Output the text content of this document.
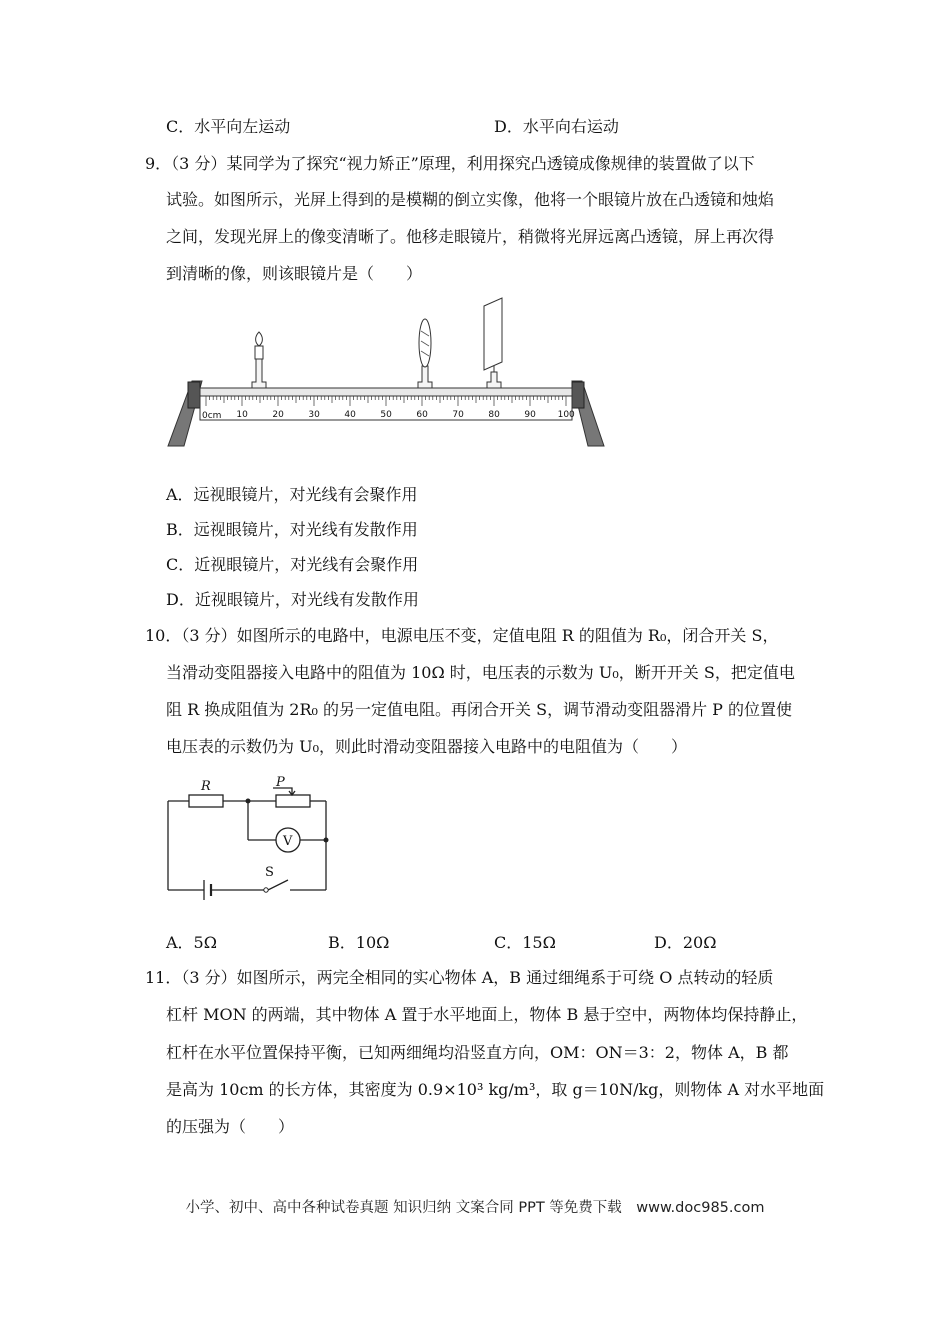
C．水平向左运动	D．水平向右运动
9．（3 分）某同学为了探究“视力矫正”原理，利用探究凸透镜成像规律的装置做了以下
试验。如图所示，光屏上得到的是模糊的倒立实像，他将一个眼镜片放在凸透镜和烛焰
之间，发现光屏上的像变清晰了。他移走眼镜片，稍微将光屏远离凸透镜，屏上再次得
到清晰的像，则该眼镜片是（　　）
10	20	30	40	50	60	70	80	90 100
0cm
A．远视眼镜片，对光线有会聚作用
B．远视眼镜片，对光线有发散作用
C．近视眼镜片，对光线有会聚作用
D．近视眼镜片，对光线有发散作用
10．（3 分）如图所示的电路中，电源电压不变，定值电阻 R 的阻值为 R₀，闭合开关 S，
当滑动变阻器接入电路中的阻值为 10Ω 时，电压表的示数为 U₀，断开开关 S，把定值电
阻 R 换成阻值为 2R₀ 的另一定值电阻。再闭合开关 S，调节滑动变阻器滑片 P 的位置使
电压表的示数仍为 U₀，则此时滑动变阻器接入电路中的电阻值为（　　）
R	P
V
S
A．5Ω	B．10Ω	C．15Ω	D．20Ω
11．（3 分）如图所示，两完全相同的实心物体 A，B 通过细绳系于可绕 O 点转动的轻质
杠杆 MON 的两端，其中物体 A 置于水平地面上，物体 B 悬于空中，两物体均保持静止，
杠杆在水平位置保持平衡，已知两细绳均沿竖直方向，OM：ON＝3：2，物体 A，B 都
是高为 10cm 的长方体，其密度为 0.9×10³ kg/m³，取 g＝10N/kg，则物体 A 对水平地面
的压强为（　　）
小学、初中、高中各种试卷真题 知识归纳 文案合同 PPT 等免费下载　www.doc985.com
